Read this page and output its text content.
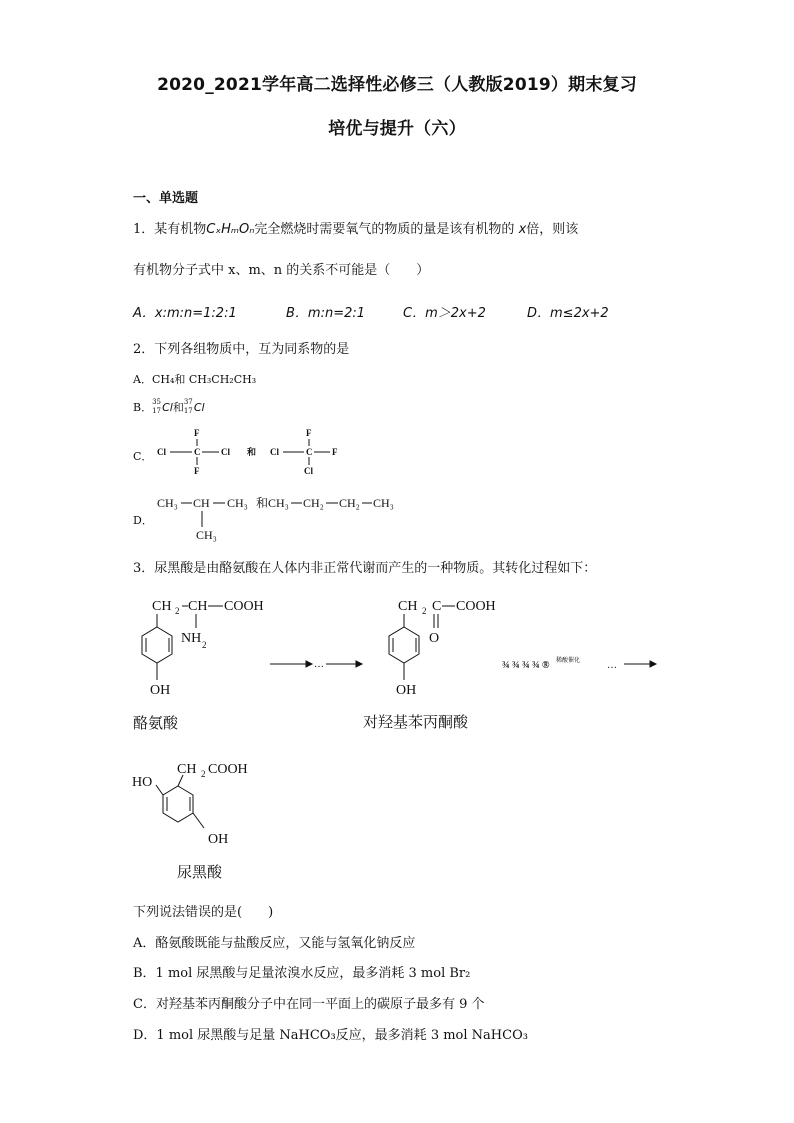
2020_2021学年高二选择性必修三（人教版2019）期末复习
培优与提升（六）
一、单选题
1．某有机物CₓHₘOₙ完全燃烧时需要氧气的物质的量是该有机物的 x倍，则该
有机物分子式中 x、m、n 的关系不可能是（　　）
A．x:m:n=1:2:1	B．m:n=2:1	C．m＞2x+2	D．m≤2x+2
2．下列各组物质中，互为同系物的是
A．CH₄和 CH₃CH₂CH₃
B． 35
17 Cl和 37
17 Cl
C．
F
Cl	C Cl
F
和
F
Cl	C F
Cl
D．
CH₃ CH CH₃
CH₃
和 CH₃ CH₂ CH₂ CH₃
3．尿黑酸是由酪氨酸在人体内非正常代谢而产生的一种物质。其转化过程如下：
CH 2 CH COOH
NH 2
OH
…
CH 2 C COOH
O
OH
¾ ¾ ¾ ¾ ® 稀酸催化	…
酪氨酸	对羟基苯丙酮酸
CH 2 COOH
HO
OH
尿黑酸
下列说法错误的是(　　)
A．酪氨酸既能与盐酸反应，又能与氢氧化钠反应
B．1 mol 尿黑酸与足量浓溴水反应，最多消耗 3 mol Br₂
C．对羟基苯丙酮酸分子中在同一平面上的碳原子最多有 9 个
D．1 mol 尿黑酸与足量 NaHCO₃反应，最多消耗 3 mol NaHCO₃
